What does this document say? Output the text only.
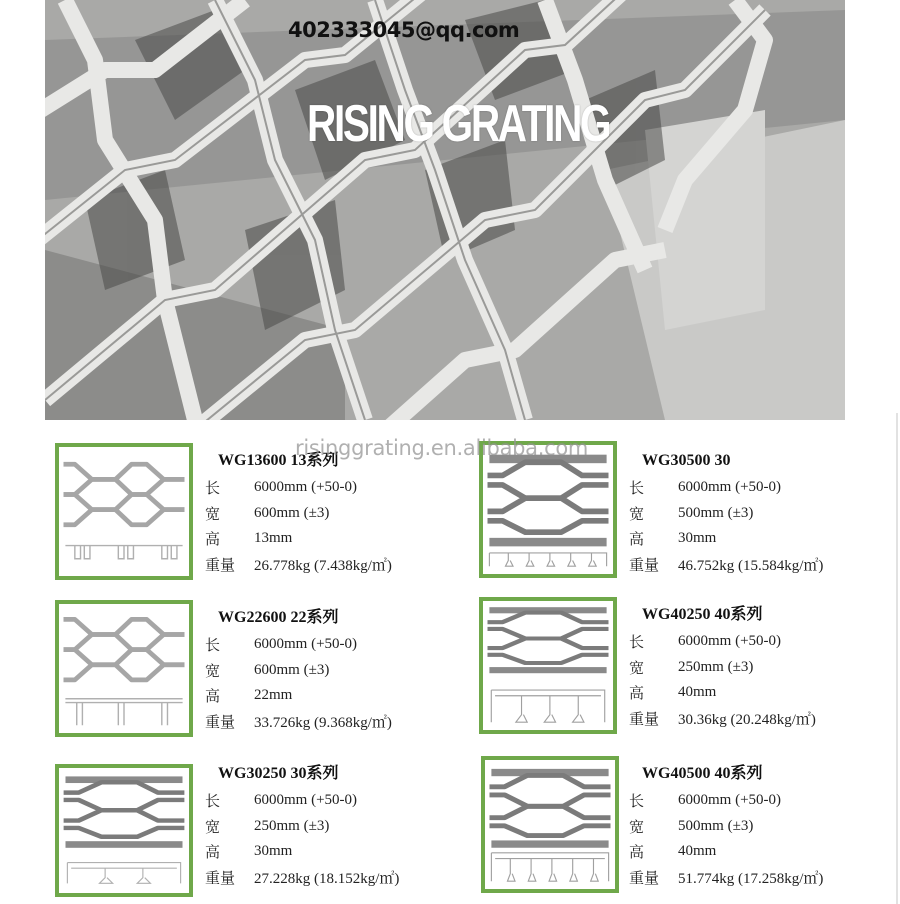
402333045@qq.com
RISING GRATING
risinggrating.en.alibaba.com
WG13600 13系列
长	6000mm (+50-0)
宽	600mm (±3)
高	13mm
重量	26.778kg (7.438kg/㎡)
WG30500 30
长	6000mm (+50-0)
宽	500mm (±3)
高	30mm
重量	46.752kg (15.584kg/㎡)
WG22600 22系列
长	6000mm (+50-0)
宽	600mm (±3)
高	22mm
重量	33.726kg (9.368kg/㎡)
WG40250 40系列
长	6000mm (+50-0)
宽	250mm (±3)
高	40mm
重量	30.36kg (20.248kg/㎡)
WG30250 30系列
长	6000mm (+50-0)
宽	250mm (±3)
高	30mm
重量	27.228kg (18.152kg/㎡)
WG40500 40系列
长	6000mm (+50-0)
宽	500mm (±3)
高	40mm
重量	51.774kg (17.258kg/㎡)
